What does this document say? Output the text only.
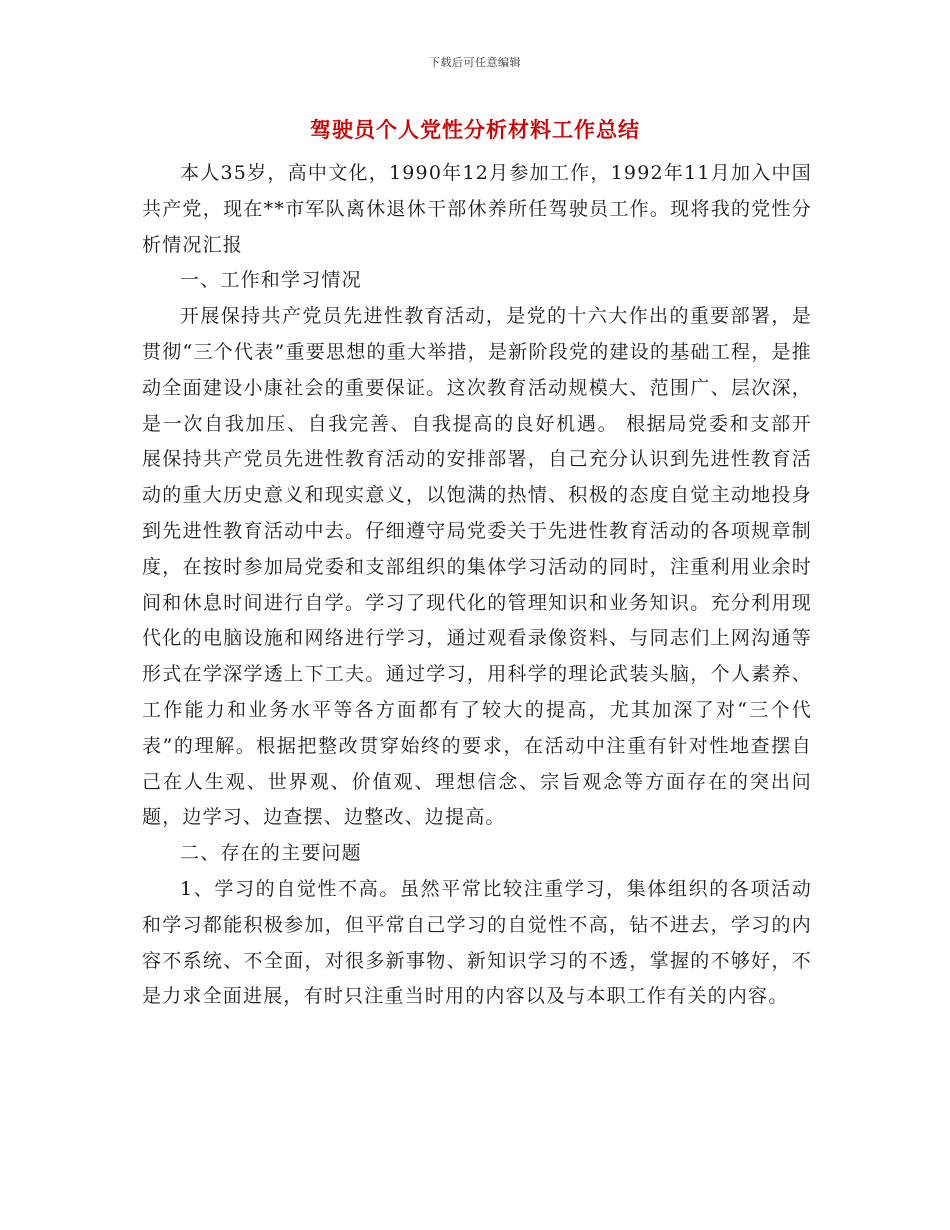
下载后可任意编辑
驾驶员个人党性分析材料工作总结

本人35岁，高中文化，1990年12月参加工作，1992年11月加入中国共产党，现在**市军队离休退休干部休养所任驾驶员工作。现将我的党性分析情况汇报

一、工作和学习情况

开展保持共产党员先进性教育活动，是党的十六大作出的重要部署，是贯彻“三个代表”重要思想的重大举措，是新阶段党的建设的基础工程，是推动全面建设小康社会的重要保证。这次教育活动规模大、范围广、层次深，是一次自我加压、自我完善、自我提高的良好机遇。 根据局党委和支部开展保持共产党员先进性教育活动的安排部署，自己充分认识到先进性教育活动的重大历史意义和现实意义，以饱满的热情、积极的态度自觉主动地投身到先进性教育活动中去。仔细遵守局党委关于先进性教育活动的各项规章制度，在按时参加局党委和支部组织的集体学习活动的同时，注重利用业余时间和休息时间进行自学。学习了现代化的管理知识和业务知识。充分利用现代化的电脑设施和网络进行学习，通过观看录像资料、与同志们上网沟通等形式在学深学透上下工夫。通过学习，用科学的理论武装头脑，个人素养、工作能力和业务水平等各方面都有了较大的提高，尤其加深了对“三个代表”的理解。根据把整改贯穿始终的要求，在活动中注重有针对性地查摆自己在人生观、世界观、价值观、理想信念、宗旨观念等方面存在的突出问题，边学习、边查摆、边整改、边提高。

二、存在的主要问题

1、学习的自觉性不高。虽然平常比较注重学习，集体组织的各项活动和学习都能积极参加，但平常自己学习的自觉性不高，钻不进去，学习的内容不系统、不全面，对很多新事物、新知识学习的不透，掌握的不够好，不是力求全面进展，有时只注重当时用的内容以及与本职工作有关的内容。
